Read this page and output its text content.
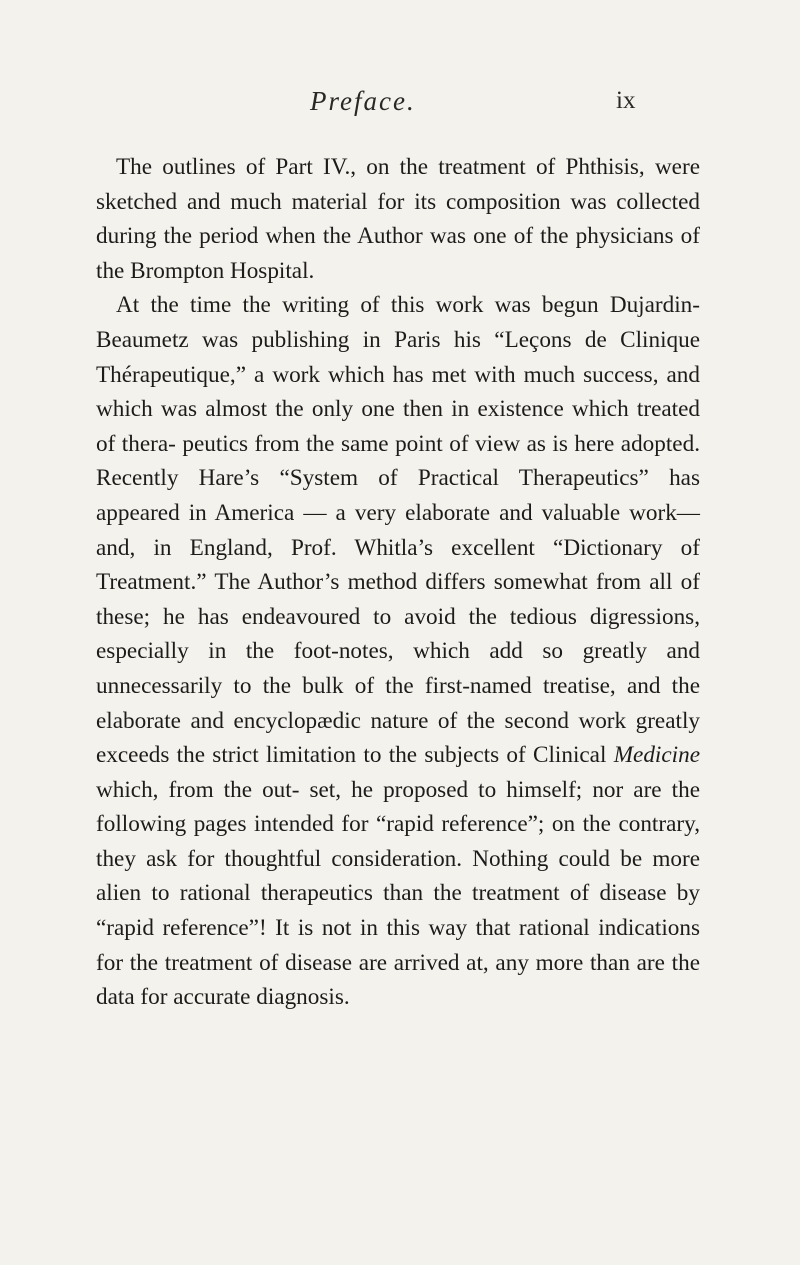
Preface.	ix

The outlines of Part IV., on the treatment of Phthisis, were sketched and much material for its composition was collected during the period when the Author was one of the physicians of the Brompton Hospital.

At the time the writing of this work was begun Dujardin-Beaumetz was publishing in Paris his “Leçons de Clinique Thérapeutique,” a work which has met with much success, and which was almost the only one then in existence which treated of thera- peutics from the same point of view as is here adopted. Recently Hare’s “System of Practical Therapeutics” has appeared in America — a very elaborate and valuable work—and, in England, Prof. Whitla’s excellent “Dictionary of Treatment.” The Author’s method differs somewhat from all of these; he has endeavoured to avoid the tedious digressions, especially in the foot-notes, which add so greatly and unnecessarily to the bulk of the first-named treatise, and the elaborate and encyclopædic nature of the second work greatly exceeds the strict limitation to the subjects of Clinical Medicine which, from the out- set, he proposed to himself; nor are the following pages intended for “rapid reference”; on the contrary, they ask for thoughtful consideration. Nothing could be more alien to rational therapeutics than the treatment of disease by “rapid reference”! It is not in this way that rational indications for the treatment of disease are arrived at, any more than are the data for accurate diagnosis.
